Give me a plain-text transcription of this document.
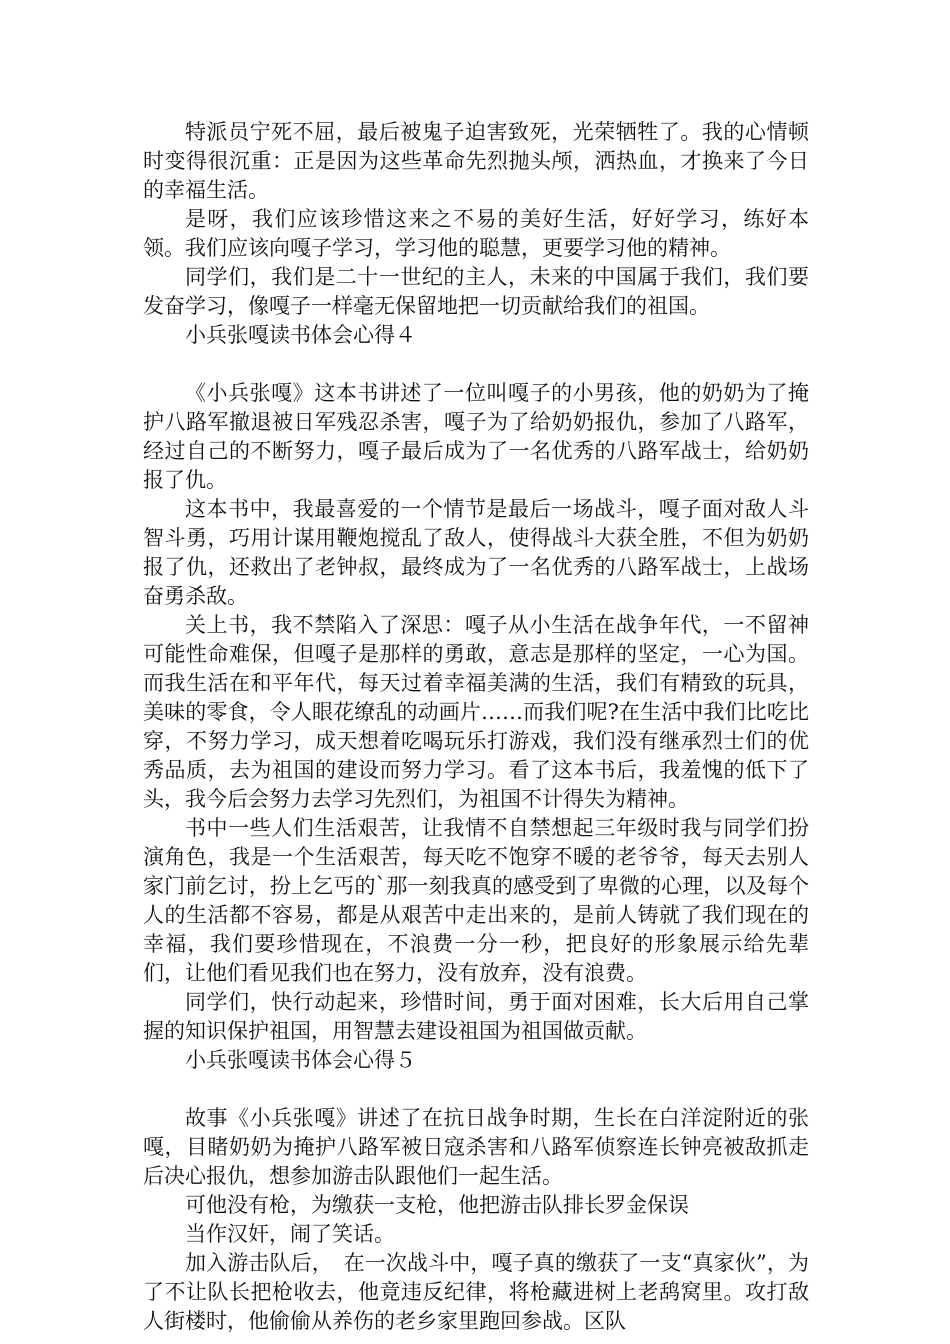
特派员宁死不屈，最后被鬼子迫害致死，光荣牺牲了。我的心情顿时变得很沉重：正是因为这些革命先烈抛头颅，洒热血，才换来了今日的幸福生活。

是呀，我们应该珍惜这来之不易的美好生活，好好学习，练好本领。我们应该向嘎子学习，学习他的聪慧，更要学习他的精神。

同学们，我们是二十一世纪的主人，未来的中国属于我们，我们要发奋学习，像嘎子一样毫无保留地把一切贡献给我们的祖国。

小兵张嘎读书体会心得４

《小兵张嘎》这本书讲述了一位叫嘎子的小男孩，他的奶奶为了掩护八路军撤退被日军残忍杀害，嘎子为了给奶奶报仇，参加了八路军，经过自己的不断努力，嘎子最后成为了一名优秀的八路军战士，给奶奶报了仇。

这本书中，我最喜爱的一个情节是最后一场战斗，嘎子面对敌人斗智斗勇，巧用计谋用鞭炮搅乱了敌人，使得战斗大获全胜，不但为奶奶报了仇，还救出了老钟叔，最终成为了一名优秀的八路军战士，上战场奋勇杀敌。

关上书，我不禁陷入了深思：嘎子从小生活在战争年代，一不留神可能性命难保，但嘎子是那样的勇敢，意志是那样的坚定，一心为国。而我生活在和平年代，每天过着幸福美满的生活，我们有精致的玩具，美味的零食，令人眼花缭乱的动画片……而我们呢?在生活中我们比吃比穿，不努力学习，成天想着吃喝玩乐打游戏，我们没有继承烈士们的优秀品质，去为祖国的建设而努力学习。看了这本书后，我羞愧的低下了头，我今后会努力去学习先烈们，为祖国不计得失为精神。

书中一些人们生活艰苦，让我情不自禁想起三年级时我与同学们扮演角色，我是一个生活艰苦，每天吃不饱穿不暖的老爷爷，每天去别人家门前乞讨，扮上乞丐的`那一刻我真的感受到了卑微的心理，以及每个人的生活都不容易，都是从艰苦中走出来的，是前人铸就了我们现在的幸福，我们要珍惜现在，不浪费一分一秒，把良好的形象展示给先辈们，让他们看见我们也在努力，没有放弃，没有浪费。

同学们，快行动起来，珍惜时间，勇于面对困难，长大后用自己掌握的知识保护祖国，用智慧去建设祖国为祖国做贡献。

小兵张嘎读书体会心得５

故事《小兵张嘎》讲述了在抗日战争时期，生长在白洋淀附近的张嘎，目睹奶奶为掩护八路军被日寇杀害和八路军侦察连长钟亮被敌抓走后决心报仇，想参加游击队跟他们一起生活。

可他没有枪，为缴获一支枪，他把游击队排长罗金保误

当作汉奸，闹了笑话。

加入游击队后，　在一次战斗中，嘎子真的缴获了一支“真家伙”，为了不让队长把枪收去，他竟违反纪律，将枪藏进树上老鸹窝里。攻打敌人街楼时，他偷偷从养伤的老乡家里跑回参战。区队
